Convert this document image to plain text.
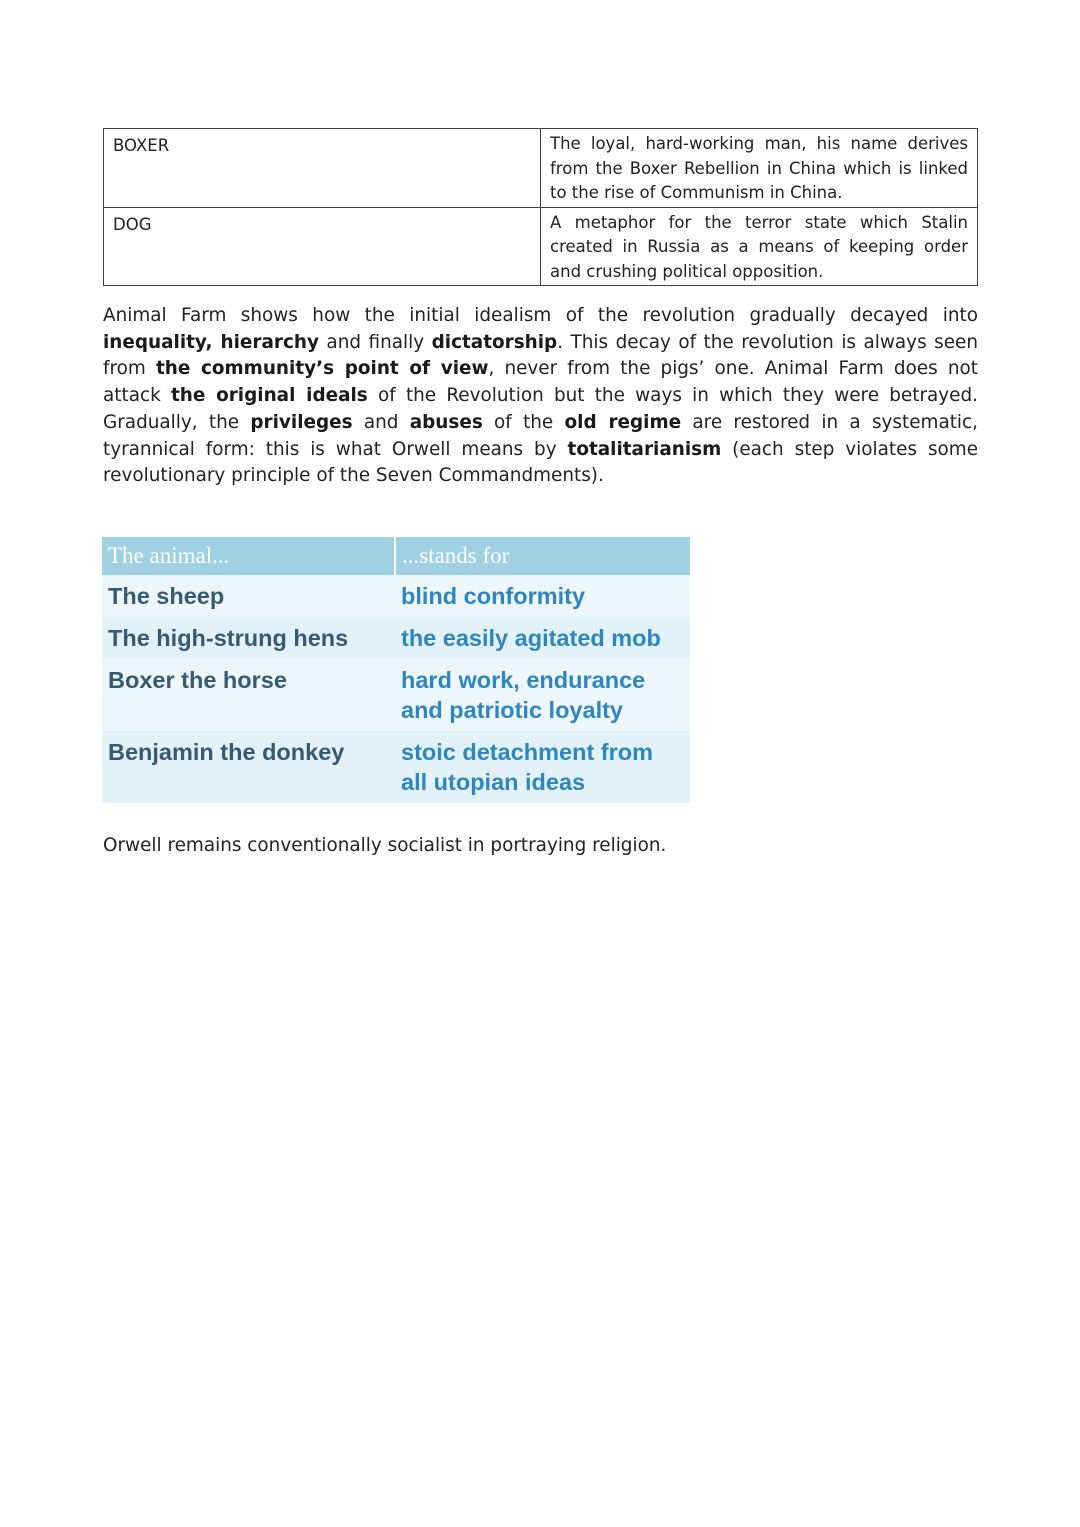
BOXER	The loyal, hard-working man, his name derives from the Boxer Rebellion in China which is linked to the rise of Communism in China.
DOG	A metaphor for the terror state which Stalin created in Russia as a means of keeping order and crushing political opposition.

Animal Farm shows how the initial idealism of the revolution gradually decayed into inequality, hierarchy and finally dictatorship. This decay of the revolution is always seen from the community’s point of view, never from the pigs’ one. Animal Farm does not attack the original ideals of the Revolution but the ways in which they were betrayed. Gradually, the privileges and abuses of the old regime are restored in a systematic, tyrannical form: this is what Orwell means by totalitarianism (each step violates some revolutionary principle of the Seven Commandments).

The animal...	...stands for
The sheep	blind conformity
The high-strung hens	the easily agitated mob
Boxer the horse	hard work, endurance and patriotic loyalty
Benjamin the donkey	stoic detachment from all utopian ideas

Orwell remains conventionally socialist in portraying religion.
